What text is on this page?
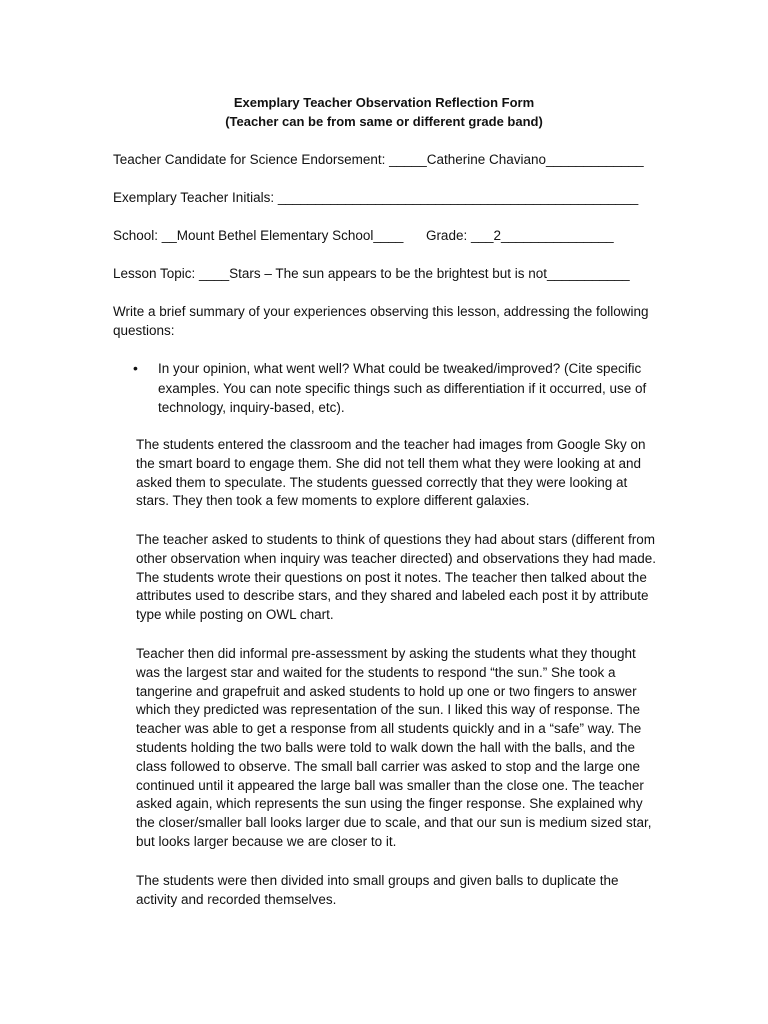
Exemplary Teacher Observation Reflection Form
(Teacher can be from same or different grade band)
Teacher Candidate for Science Endorsement: _____Catherine Chaviano_____________
Exemplary Teacher Initials: ________________________________________________
School: __Mount Bethel Elementary School____      Grade: ___2_______________
Lesson Topic: ____Stars – The sun appears to be the brightest but is not___________
Write a brief summary of your experiences observing this lesson, addressing the following questions:
• In your opinion, what went well? What could be tweaked/improved? (Cite specific examples. You can note specific things such as differentiation if it occurred, use of technology, inquiry-based, etc).
The students entered the classroom and the teacher had images from Google Sky on the smart board to engage them. She did not tell them what they were looking at and asked them to speculate. The students guessed correctly that they were looking at stars. They then took a few moments to explore different galaxies.
The teacher asked to students to think of questions they had about stars (different from other observation when inquiry was teacher directed) and observations they had made. The students wrote their questions on post it notes. The teacher then talked about the attributes used to describe stars, and they shared and labeled each post it by attribute type while posting on OWL chart.
Teacher then did informal pre-assessment by asking the students what they thought was the largest star and waited for the students to respond “the sun.” She took a tangerine and grapefruit and asked students to hold up one or two fingers to answer which they predicted was representation of the sun. I liked this way of response. The teacher was able to get a response from all students quickly and in a “safe” way. The students holding the two balls were told to walk down the hall with the balls, and the class followed to observe. The small ball carrier was asked to stop and the large one continued until it appeared the large ball was smaller than the close one. The teacher asked again, which represents the sun using the finger response. She explained why the closer/smaller ball looks larger due to scale, and that our sun is medium sized star, but looks larger because we are closer to it.
The students were then divided into small groups and given balls to duplicate the activity and recorded themselves.
